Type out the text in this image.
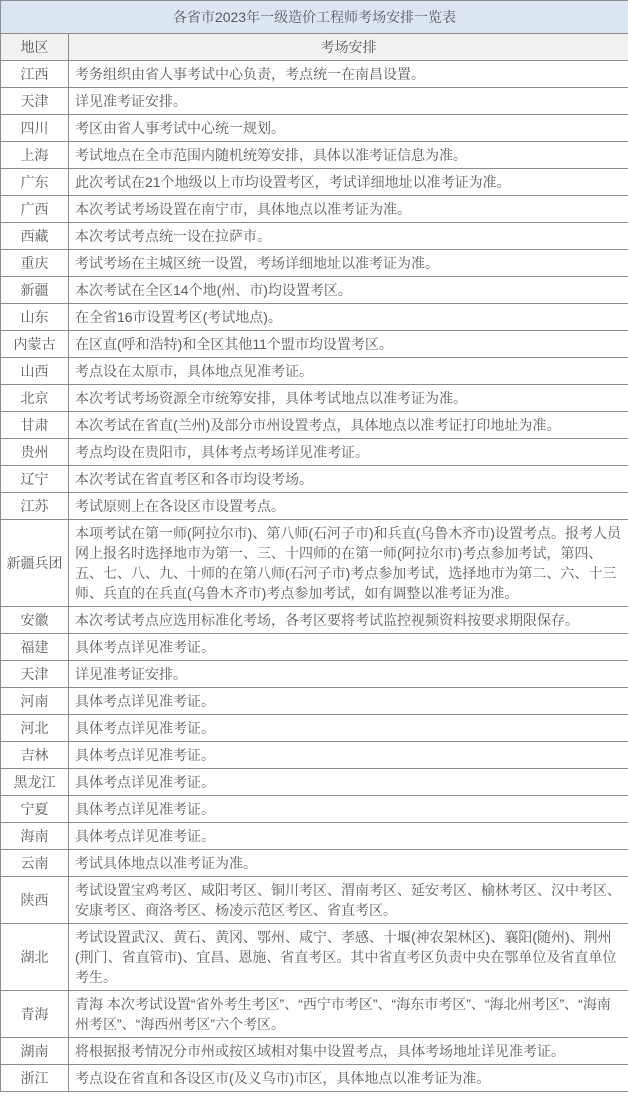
各省市2023年一级造价工程师考场安排一览表	
地区	考场安排
江西	考务组织由省人事考试中心负责，考点统一在南昌设置。
天津	详见准考证安排。
四川	考区由省人事考试中心统一规划。
上海	考试地点在全市范围内随机统筹安排，具体以准考证信息为准。
广东	此次考试在21个地级以上市均设置考区，考试详细地址以准考证为准。
广西	本次考试考场设置在南宁市，具体地点以准考证为准。
西藏	本次考试考点统一设在拉萨市。
重庆	考试考场在主城区统一设置，考场详细地址以准考证为准。
新疆	本次考试在全区14个地(州、市)均设置考区。
山东	在全省16市设置考区(考试地点)。
内蒙古	在区直(呼和浩特)和全区其他11个盟市均设置考区。
山西	考点设在太原市，具体地点见准考证。
北京	本次考试考场资源全市统筹安排，具体考试地点以准考证为准。
甘肃	本次考试在省直(兰州)及部分市州设置考点，具体地点以准考证打印地址为准。
贵州	考点均设在贵阳市，具体考点考场详见准考证。
辽宁	本次考试在省直考区和各市均设考场。
江苏	考试原则上在各设区市设置考点。
新疆兵团	本项考试在第一师(阿拉尔市)、第八师(石河子市)和兵直(乌鲁木齐市)设置考点。报考人员网上报名时选择地市为第一、三、十四师的在第一师(阿拉尔市)考点参加考试，第四、五、七、八、九、十师的在第八师(石河子市)考点参加考试，选择地市为第二、六、十三师、兵直的在兵直(乌鲁木齐市)考点参加考试，如有调整以准考证为准。
安徽	本次考试考点应选用标准化考场，各考区要将考试监控视频资料按要求期限保存。
福建	具体考点详见准考证。
天津	详见准考证安排。
河南	具体考点详见准考证。
河北	具体考点详见准考证。
吉林	具体考点详见准考证。
黑龙江	具体考点详见准考证。
宁夏	具体考点详见准考证。
海南	具体考点详见准考证。
云南	考试具体地点以准考证为准。
陕西	考试设置宝鸡考区、咸阳考区、铜川考区、渭南考区、延安考区、榆林考区、汉中考区、安康考区、商洛考区、杨凌示范区考区、省直考区。
湖北	考试设置武汉、黄石、黄冈、鄂州、咸宁、孝感、十堰(神农架林区)、襄阳(随州)、荆州(荆门、省直管市)、宜昌、恩施、省直考区。其中省直考区负责中央在鄂单位及省直单位考生。
青海	青海 本次考试设置“省外考生考区”、“西宁市考区”、“海东市考区”、“海北州考区”、“海南州考区”、“海西州考区”六个考区。
湖南	将根据报考情况分市州或按区域相对集中设置考点，具体考场地址详见准考证。
浙江	考点设在省直和各设区市(及义乌市)市区，具体地点以准考证为准。
